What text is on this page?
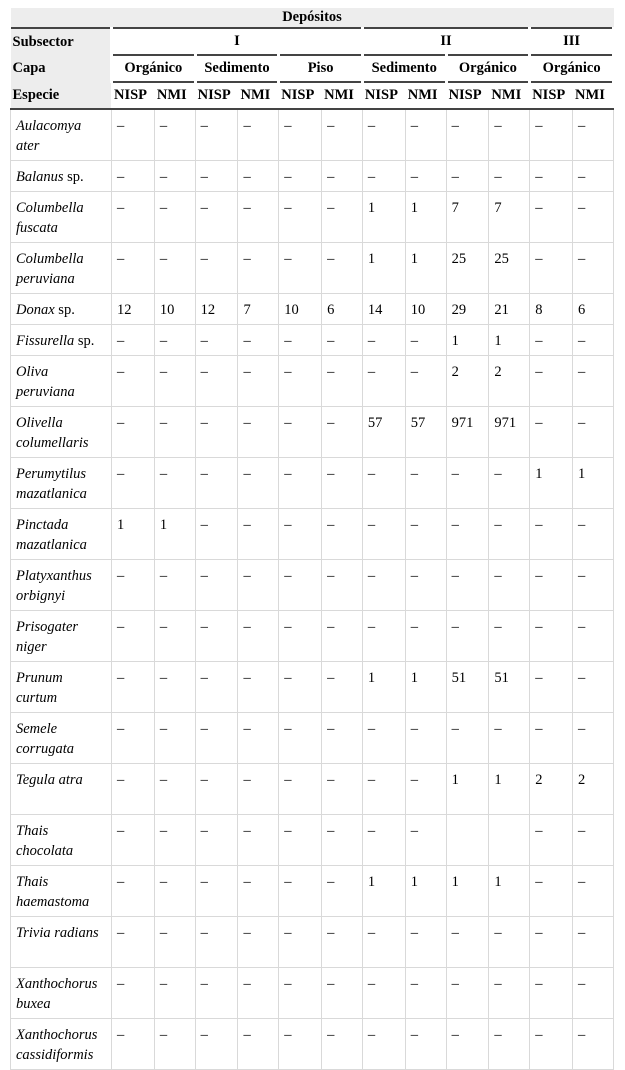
Depósitos												
Subsector	I						II				III	
Capa	Orgánico		Sedimento		Piso		Sedimento		Orgánico		Orgánico	
Especie	NISP	NMI	NISP	NMI	NISP	NMI	NISP	NMI	NISP	NMI	NISP	NMI
Aulacomya ater	–	–	–	–	–	–	–	–	–	–	–	–
Balanus sp.	–	–	–	–	–	–	–	–	–	–	–	–
Columbella fuscata	–	–	–	–	–	–	1	1	7	7	–	–
Columbella peruviana	–	–	–	–	–	–	1	1	25	25	–	–
Donax sp.	12	10	12	7	10	6	14	10	29	21	8	6
Fissurella sp.	–	–	–	–	–	–	–	–	1	1	–	–
Oliva peruviana	–	–	–	–	–	–	–	–	2	2	–	–
Olivella columellaris	–	–	–	–	–	–	57	57	971	971	–	–
Perumytilus mazatlanica	–	–	–	–	–	–	–	–	–	–	1	1
Pinctada mazatlanica	1	1	–	–	–	–	–	–	–	–	–	–
Platyxanthus orbignyi	–	–	–	–	–	–	–	–	–	–	–	–
Prisogater niger	–	–	–	–	–	–	–	–	–	–	–	–
Prunum curtum	–	–	–	–	–	–	1	1	51	51	–	–
Semele corrugata	–	–	–	–	–	–	–	–	–	–	–	–
Tegula atra	–	–	–	–	–	–	–	–	1	1	2	2
Thais chocolata	–	–	–	–	–	–	–	–			–	–
Thais haemastoma	–	–	–	–	–	–	1	1	1	1	–	–
Trivia radians	–	–	–	–	–	–	–	–	–	–	–	–
Xanthochorus buxea	–	–	–	–	–	–	–	–	–	–	–	–
Xanthochorus cassidiformis	–	–	–	–	–	–	–	–	–	–	–	–
